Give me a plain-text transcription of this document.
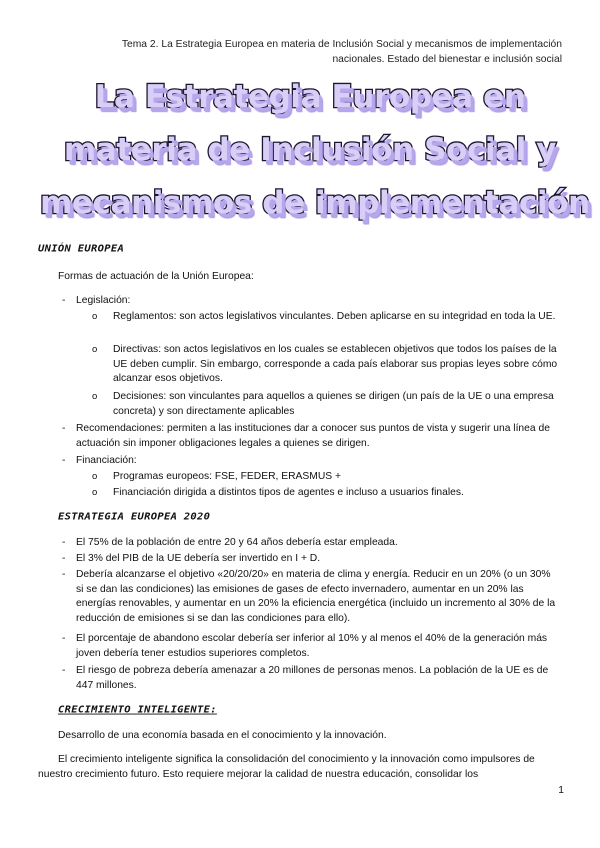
Tema 2. La Estrategia Europea en materia de Inclusión Social y mecanismos de implementación
nacionales. Estado del bienestar e inclusión social
La Estrategia Europea en
materia de Inclusión Social y
mecanismos de implementación
UNIÓN EUROPEA
Formas de actuación de la Unión Europea:
- Legislación:
o Reglamentos: son actos legislativos vinculantes. Deben aplicarse en su integridad en toda la UE.
o Directivas: son actos legislativos en los cuales se establecen objetivos que todos los países de la UE deben cumplir. Sin embargo, corresponde a cada país elaborar sus propias leyes sobre cómo alcanzar esos objetivos.
o Decisiones: son vinculantes para aquellos a quienes se dirigen (un país de la UE o una empresa concreta) y son directamente aplicables
- Recomendaciones: permiten a las instituciones dar a conocer sus puntos de vista y sugerir una línea de actuación sin imponer obligaciones legales a quienes se dirigen.
- Financiación:
o Programas europeos: FSE, FEDER, ERASMUS +
o Financiación dirigida a distintos tipos de agentes e incluso a usuarios finales.
ESTRATEGIA EUROPEA 2020
- El 75% de la población de entre 20 y 64 años debería estar empleada.
- El 3% del PIB de la UE debería ser invertido en I + D.
- Debería alcanzarse el objetivo «20/20/20» en materia de clima y energía. Reducir en un 20% (o un 30% si se dan las condiciones) las emisiones de gases de efecto invernadero, aumentar en un 20% las energías renovables, y aumentar en un 20% la eficiencia energética (incluido un incremento al 30% de la reducción de emisiones si se dan las condiciones para ello).
- El porcentaje de abandono escolar debería ser inferior al 10% y al menos el 40% de la generación más joven debería tener estudios superiores completos.
- El riesgo de pobreza debería amenazar a 20 millones de personas menos. La población de la UE es de 447 millones.
CRECIMIENTO INTELIGENTE:
Desarrollo de una economía basada en el conocimiento y la innovación.
El crecimiento inteligente significa la consolidación del conocimiento y la innovación como impulsores de nuestro crecimiento futuro. Esto requiere mejorar la calidad de nuestra educación, consolidar los
1
